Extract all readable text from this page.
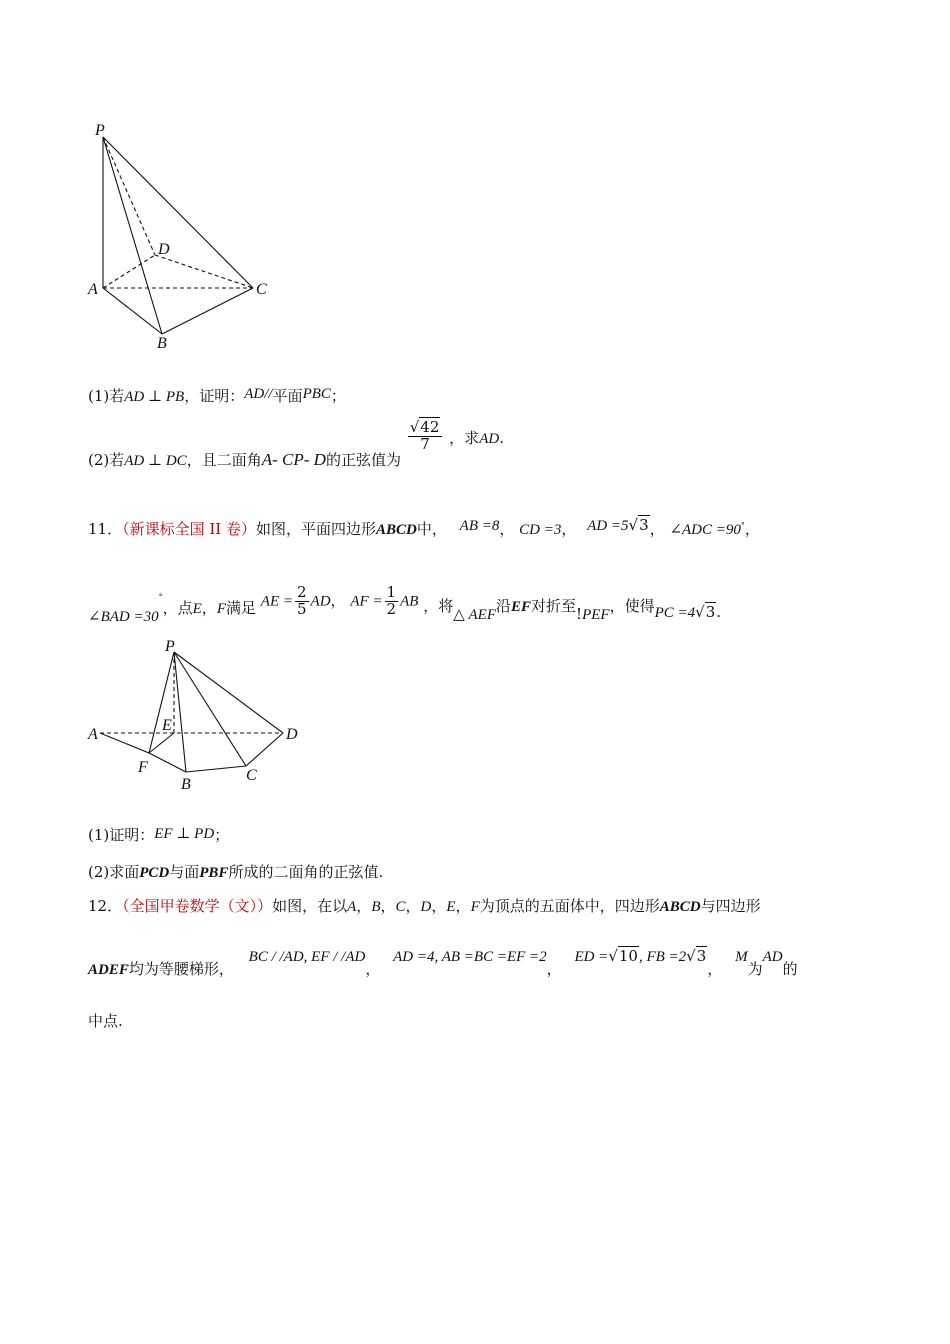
P
D
A	C
B
(1)若AD ⊥ PB，证明：AD//平面PBC；
(2)若AD ⊥ DC，且二面角A- CP- D的正弦值为
$\frac{√42}{7}$ ，求AD.
11．（新课标全国 II 卷）如图，平面四边形ABCD中， AB =8， CD =3， AD =5√3， ∠ADC =90°，
∠BAD =30°，点E，F满足 AE = $\frac{2}{5}$ AD， AF = $\frac{1}{2}$ AB ，将△ AEF沿EF对折至!PEF，使得PC =4√3.
P
E
A	D
F	C
B
(1)证明：EF ⊥ PD；
(2)求面PCD与面PBF所成的二面角的正弦值.
12．（全国甲卷数学（文））如图，在以A，B，C，D，E，F为顶点的五面体中，四边形ABCD与四边形
ADEF均为等腰梯形， BC / /AD, EF / /AD， AD =4, AB =BC =EF =2， ED =√10, FB =2√3， M为AD的
中点.
